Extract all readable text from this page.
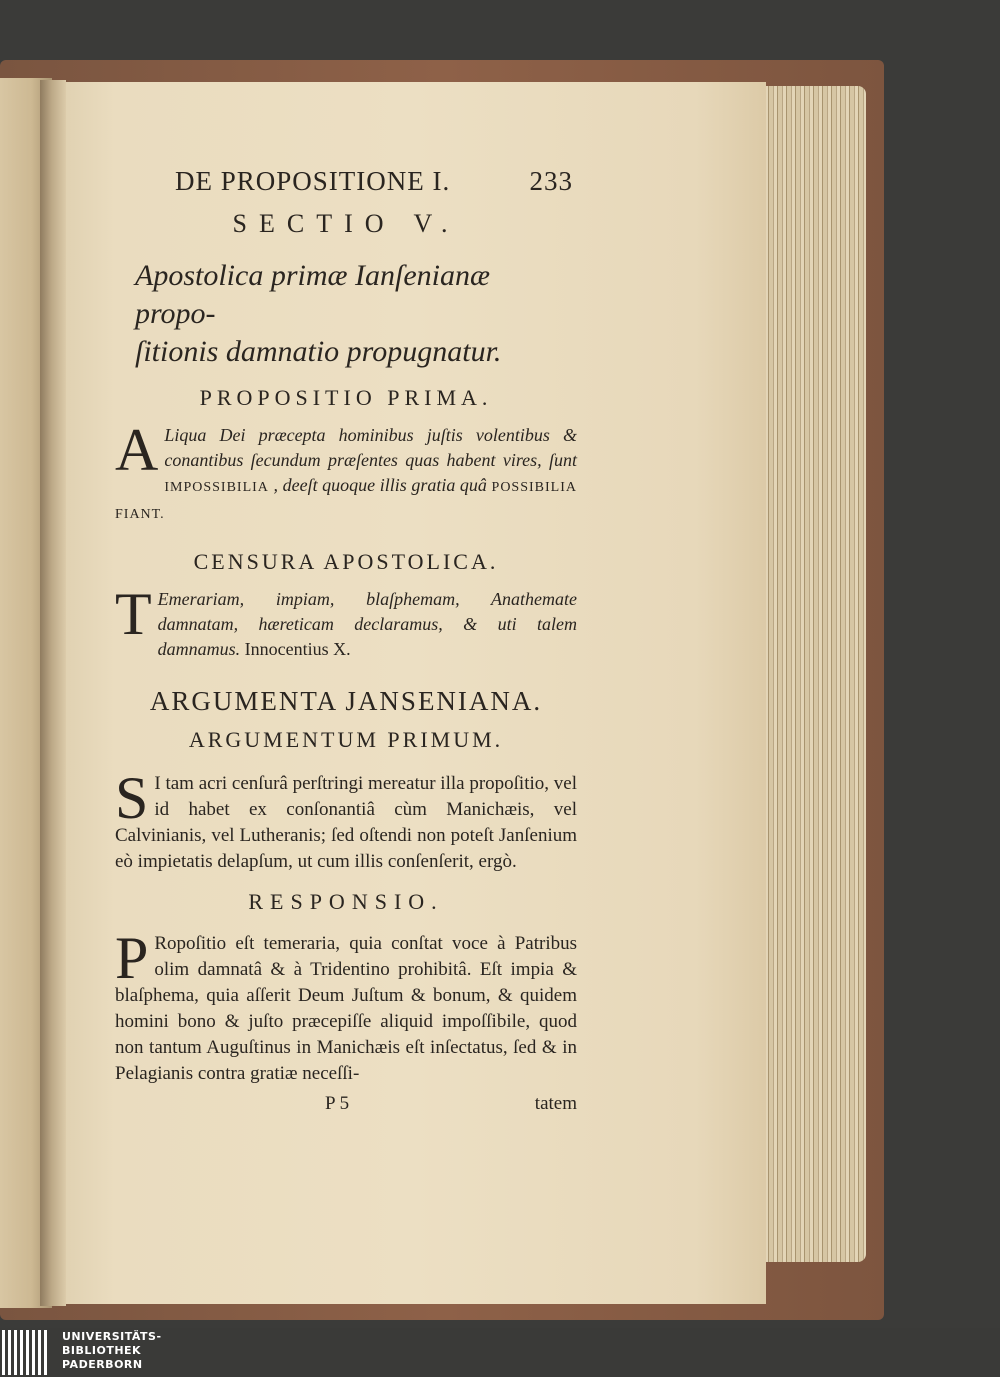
DE PROPOSITIONE I.	233
SECTIO V.
Apostolica primæ Ianſenianæ propo-
ſitionis damnatio propugnatur.
PROPOSITIO PRIMA.
A Liqua Dei præcepta hominibus juſtis volentibus & conantibus ſecundum præſentes quas habent vires, ſunt IMPOSSIBILIA , deeſt quoque illis gratia quâ POSSIBILIA FIANT.
CENSURA APOSTOLICA.
T Emerariam, impiam, blaſphemam, Anathemate damnatam, hæreticam declaramus, & uti talem damnamus. Innocentius X.
ARGUMENTA JANSENIANA.
ARGUMENTUM PRIMUM.
S I tam acri cenſurâ perſtringi mereatur illa propoſitio, vel id habet ex conſonantiâ cùm Manichæis, vel Calvinianis, vel Lutheranis; ſed oſtendi non poteſt Janſenium eò impietatis delapſum, ut cum illis conſenſerit, ergò.
RESPONSIO.
P Ropoſitio eſt temeraria, quia conſtat voce à Patribus olim damnatâ & à Tridentino prohibitâ. Eſt impia & blaſphema, quia aſſerit Deum Juſtum & bonum, & quidem homini bono & juſto præcepiſſe aliquid impoſſibile, quod non tantum Auguſtinus in Manichæis eſt inſectatus, ſed & in Pelagianis contra gratiæ neceſſi-
P 5	tatem
UNIVERSITÄTS-
BIBLIOTHEK
PADERBORN
